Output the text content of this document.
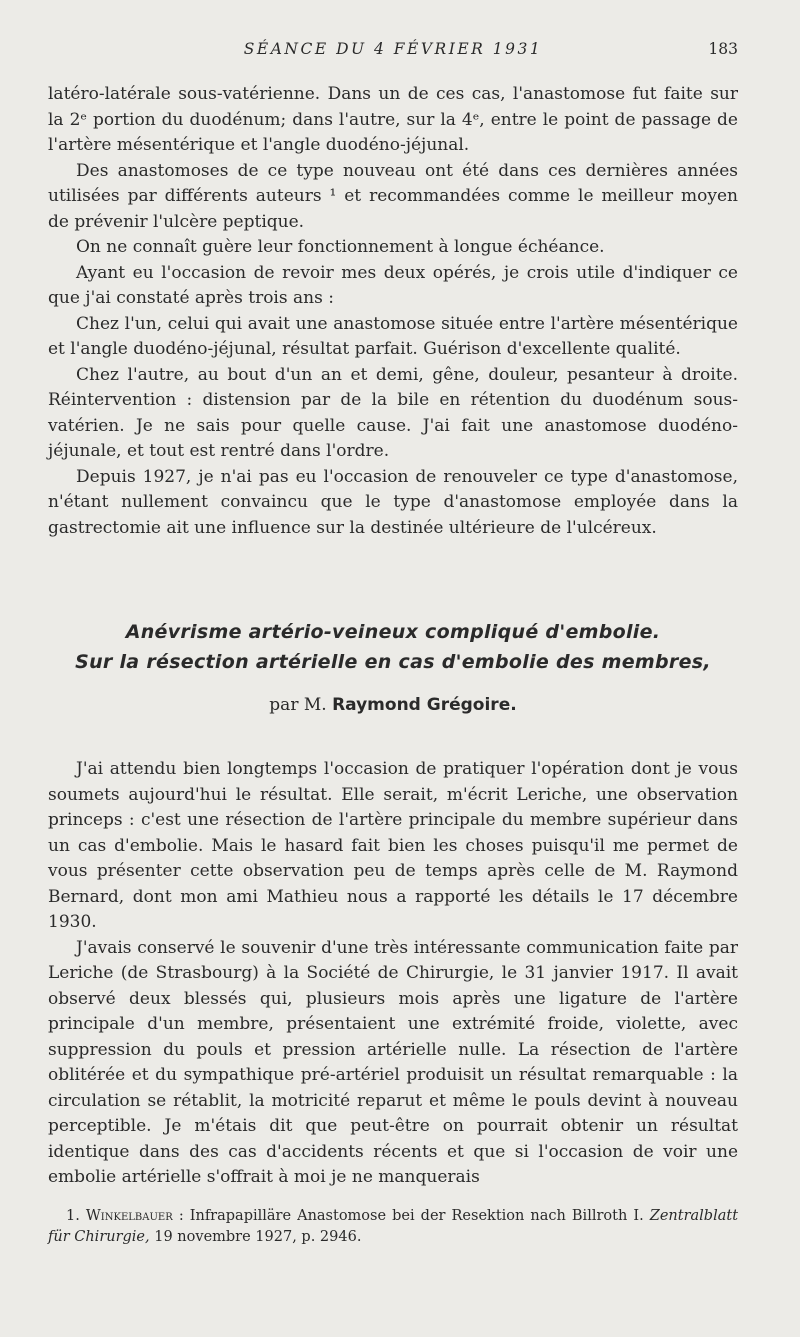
SÉANCE DU 4 FÉVRIER 1931	183

latéro-latérale sous-vatérienne. Dans un de ces cas, l'anastomose fut faite sur la 2ᵉ portion du duodénum; dans l'autre, sur la 4ᵉ, entre le point de passage de l'artère mésentérique et l'angle duodéno-jéjunal.

Des anastomoses de ce type nouveau ont été dans ces dernières années utilisées par différents auteurs ¹ et recommandées comme le meilleur moyen de prévenir l'ulcère peptique.

On ne connaît guère leur fonctionnement à longue échéance.

Ayant eu l'occasion de revoir mes deux opérés, je crois utile d'indiquer ce que j'ai constaté après trois ans :

Chez l'un, celui qui avait une anastomose située entre l'artère mésentérique et l'angle duodéno-jéjunal, résultat parfait. Guérison d'excellente qualité.

Chez l'autre, au bout d'un an et demi, gêne, douleur, pesanteur à droite. Réintervention : distension par de la bile en rétention du duodénum sous-vatérien. Je ne sais pour quelle cause. J'ai fait une anastomose duodéno-jéjunale, et tout est rentré dans l'ordre.

Depuis 1927, je n'ai pas eu l'occasion de renouveler ce type d'anastomose, n'étant nullement convaincu que le type d'anastomose employée dans la gastrectomie ait une influence sur la destinée ultérieure de l'ulcéreux.

Anévrisme artério-veineux compliqué d'embolie.
Sur la résection artérielle en cas d'embolie des membres,
par M. Raymond Grégoire.

J'ai attendu bien longtemps l'occasion de pratiquer l'opération dont je vous soumets aujourd'hui le résultat. Elle serait, m'écrit Leriche, une observation princeps : c'est une résection de l'artère principale du membre supérieur dans un cas d'embolie. Mais le hasard fait bien les choses puisqu'il me permet de vous présenter cette observation peu de temps après celle de M. Raymond Bernard, dont mon ami Mathieu nous a rapporté les détails le 17 décembre 1930.

J'avais conservé le souvenir d'une très intéressante communication faite par Leriche (de Strasbourg) à la Société de Chirurgie, le 31 janvier 1917. Il avait observé deux blessés qui, plusieurs mois après une ligature de l'artère principale d'un membre, présentaient une extrémité froide, violette, avec suppression du pouls et pression artérielle nulle. La résection de l'artère oblitérée et du sympathique pré-artériel produisit un résultat remarquable : la circulation se rétablit, la motricité reparut et même le pouls devint à nouveau perceptible. Je m'étais dit que peut-être on pourrait obtenir un résultat identique dans des cas d'accidents récents et que si l'occasion de voir une embolie artérielle s'offrait à moi je ne manquerais

1. Winkelbauer : Infrapapilläre Anastomose bei der Resektion nach Billroth I. Zentralblatt für Chirurgie, 19 novembre 1927, p. 2946.
